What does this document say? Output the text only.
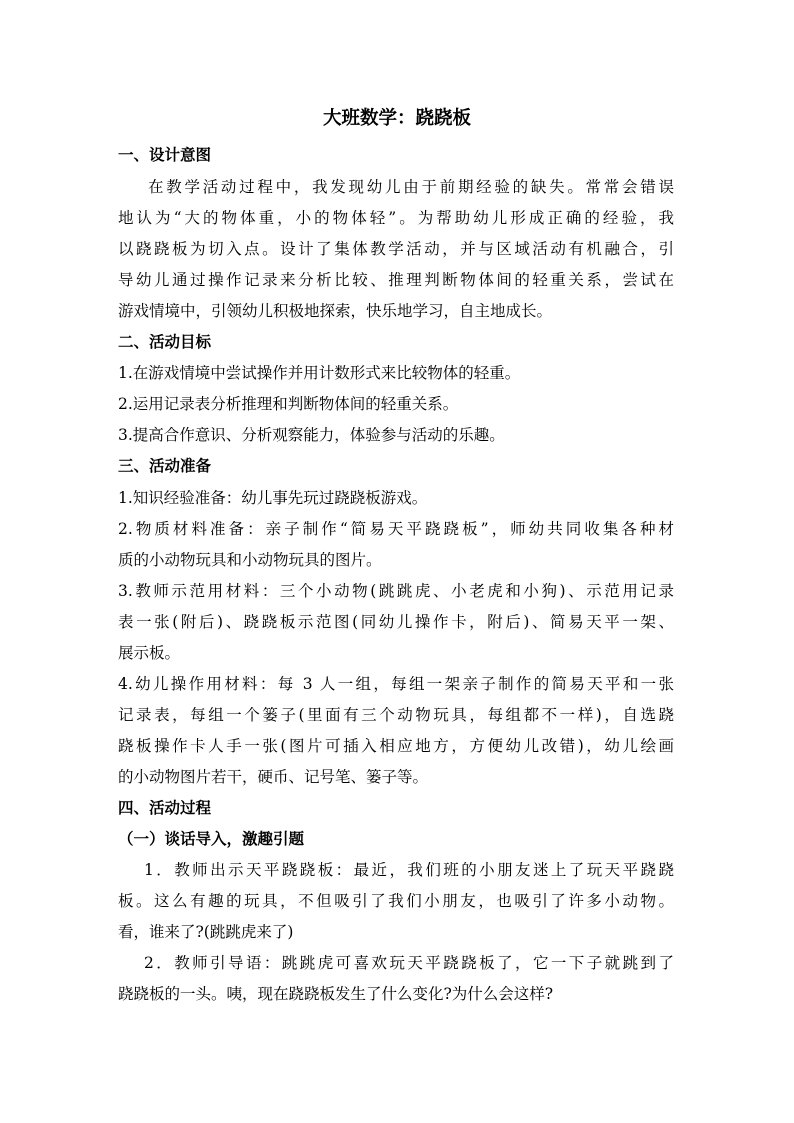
大班数学：跷跷板
一、设计意图
在教学活动过程中，我发现幼儿由于前期经验的缺失。常常会错误
地认为“大的物体重，小的物体轻”。为帮助幼儿形成正确的经验，我
以跷跷板为切入点。设计了集体教学活动，并与区域活动有机融合，引
导幼儿通过操作记录来分析比较、推理判断物体间的轻重关系，尝试在
游戏情境中，引领幼儿积极地探索，快乐地学习，自主地成长。
二、活动目标
1.在游戏情境中尝试操作并用计数形式来比较物体的轻重。
2.运用记录表分析推理和判断物体间的轻重关系。
3.提高合作意识、分析观察能力，体验参与活动的乐趣。
三、活动准备
1.知识经验准备：幼儿事先玩过跷跷板游戏。
2.物质材料准备：亲子制作“简易天平跷跷板”，师幼共同收集各种材
质的小动物玩具和小动物玩具的图片。
3.教师示范用材料：三个小动物(跳跳虎、小老虎和小狗)、示范用记录
表一张(附后)、跷跷板示范图(同幼儿操作卡，附后)、简易天平一架、
展示板。
4.幼儿操作用材料：每 3 人一组，每组一架亲子制作的简易天平和一张
记录表，每组一个篓子(里面有三个动物玩具，每组都不一样)，自选跷
跷板操作卡人手一张(图片可插入相应地方，方便幼儿改错)，幼儿绘画
的小动物图片若干，硬币、记号笔、篓子等。
四、活动过程
（一）谈话导入，激趣引题
1．教师出示天平跷跷板：最近，我们班的小朋友迷上了玩天平跷跷
板。这么有趣的玩具，不但吸引了我们小朋友，也吸引了许多小动物。
看，谁来了?(跳跳虎来了)
2．教师引导语：跳跳虎可喜欢玩天平跷跷板了，它一下子就跳到了
跷跷板的一头。咦，现在跷跷板发生了什么变化?为什么会这样?
